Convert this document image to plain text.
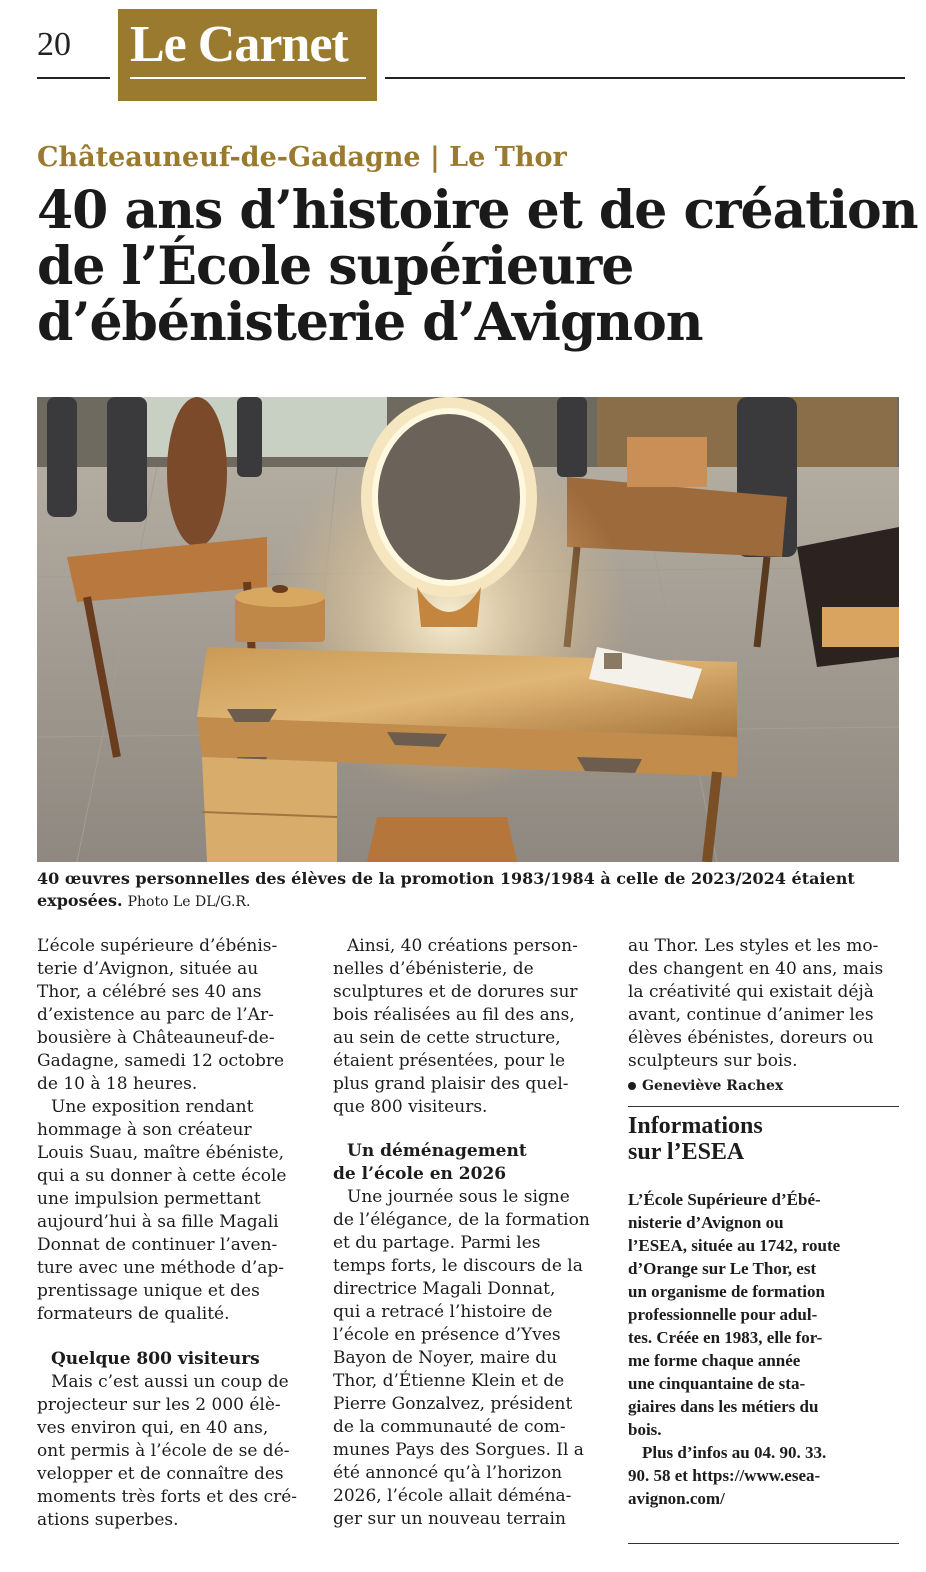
20 Le Carnet
Châteauneuf-de-Gadagne | Le Thor
40 ans d’histoire et de création
de l’École supérieure
d’ébénisterie d’Avignon
40 œuvres personnelles des élèves de la promotion 1983/1984 à celle de 2023/2024 étaient exposées. Photo Le DL/G.R.

L’école supérieure d’ébénis-
terie d’Avignon, située au
Thor, a célébré ses 40 ans
d’existence au parc de l’Ar-
bousière à Châteauneuf-de-
Gadagne, samedi 12 octobre
de 10 à 18 heures.

Une exposition rendant
hommage à son créateur
Louis Suau, maître ébéniste,
qui a su donner à cette école
une impulsion permettant
aujourd’hui à sa fille Magali
Donnat de continuer l’aven-
ture avec une méthode d’ap-
prentissage unique et des
formateurs de qualité.

Quelque 800 visiteurs

Mais c’est aussi un coup de
projecteur sur les 2 000 élè-
ves environ qui, en 40 ans,
ont permis à l’école de se dé-
velopper et de connaître des
moments très forts et des cré-
ations superbes.

Ainsi, 40 créations person-
nelles d’ébénisterie, de
sculptures et de dorures sur
bois réalisées au fil des ans,
au sein de cette structure,
étaient présentées, pour le
plus grand plaisir des quel-
que 800 visiteurs.

Un déménagement
de l’école en 2026

Une journée sous le signe
de l’élégance, de la formation
et du partage. Parmi les
temps forts, le discours de la
directrice Magali Donnat,
qui a retracé l’histoire de
l’école en présence d’Yves
Bayon de Noyer, maire du
Thor, d’Étienne Klein et de
Pierre Gonzalvez, président
de la communauté de com-
munes Pays des Sorgues. Il a
été annoncé qu’à l’horizon
2026, l’école allait déména-
ger sur un nouveau terrain

au Thor. Les styles et les mo-
des changent en 40 ans, mais
la créativité qui existait déjà
avant, continue d’animer les
élèves ébénistes, doreurs ou
sculpteurs sur bois.

Geneviève Rachex
Informations
sur l’ESEA
L’École Supérieure d’Ébé-
nisterie d’Avignon ou
l’ESEA, située au 1742, route
d’Orange sur Le Thor, est
un organisme de formation
professionnelle pour adul-
tes. Créée en 1983, elle for-
me forme chaque année
une cinquantaine de sta-
giaires dans les métiers du
bois.
Plus d’infos au 04. 90. 33.
90. 58 et https://www.esea-
avignon.com/
